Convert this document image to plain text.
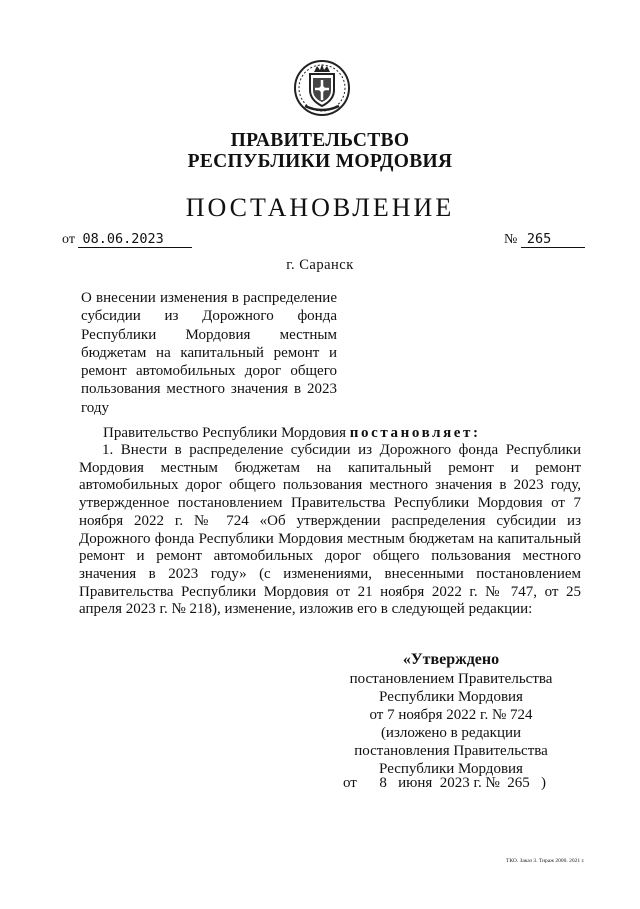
ПРАВИТЕЛЬСТВО
РЕСПУБЛИКИ МОРДОВИЯ
ПОСТАНОВЛЕНИЕ
от 08.06.2023	№ 265
г. Саранск
О внесении изменения в распределение субсидии из Дорожного фонда Республики Мордовия местным бюджетам на капитальный ремонт и ремонт автомобильных дорог общего пользования местного значения в 2023 году
Правительство Республики Мордовия постановляет:
1. Внести в распределение субсидии из Дорожного фонда Республики Мордовия местным бюджетам на капитальный ремонт и ремонт автомобильных дорог общего пользования местного значения в 2023 году, утвержденное постановлением Правительства Республики Мордовия от 7 ноября 2022 г. № 724 «Об утверждении распределения субсидии из Дорожного фонда Республики Мордовия местным бюджетам на капитальный ремонт и ремонт автомобильных дорог общего пользования местного значения в 2023 году» (с изменениями, внесенными постановлением Правительства Республики Мордовия от 21 ноября 2022 г. № 747, от 25 апреля 2023 г. № 218), изменение, изложив его в следующей редакции:
«Утверждено
постановлением Правительства
Республики Мордовия
от 7 ноября 2022 г. № 724
(изложено в редакции
постановления Правительства
Республики Мордовия
от      8   июня  2023 г. №  265   )
ТКО. Заказ 3. Тираж 2000. 2021 г.
